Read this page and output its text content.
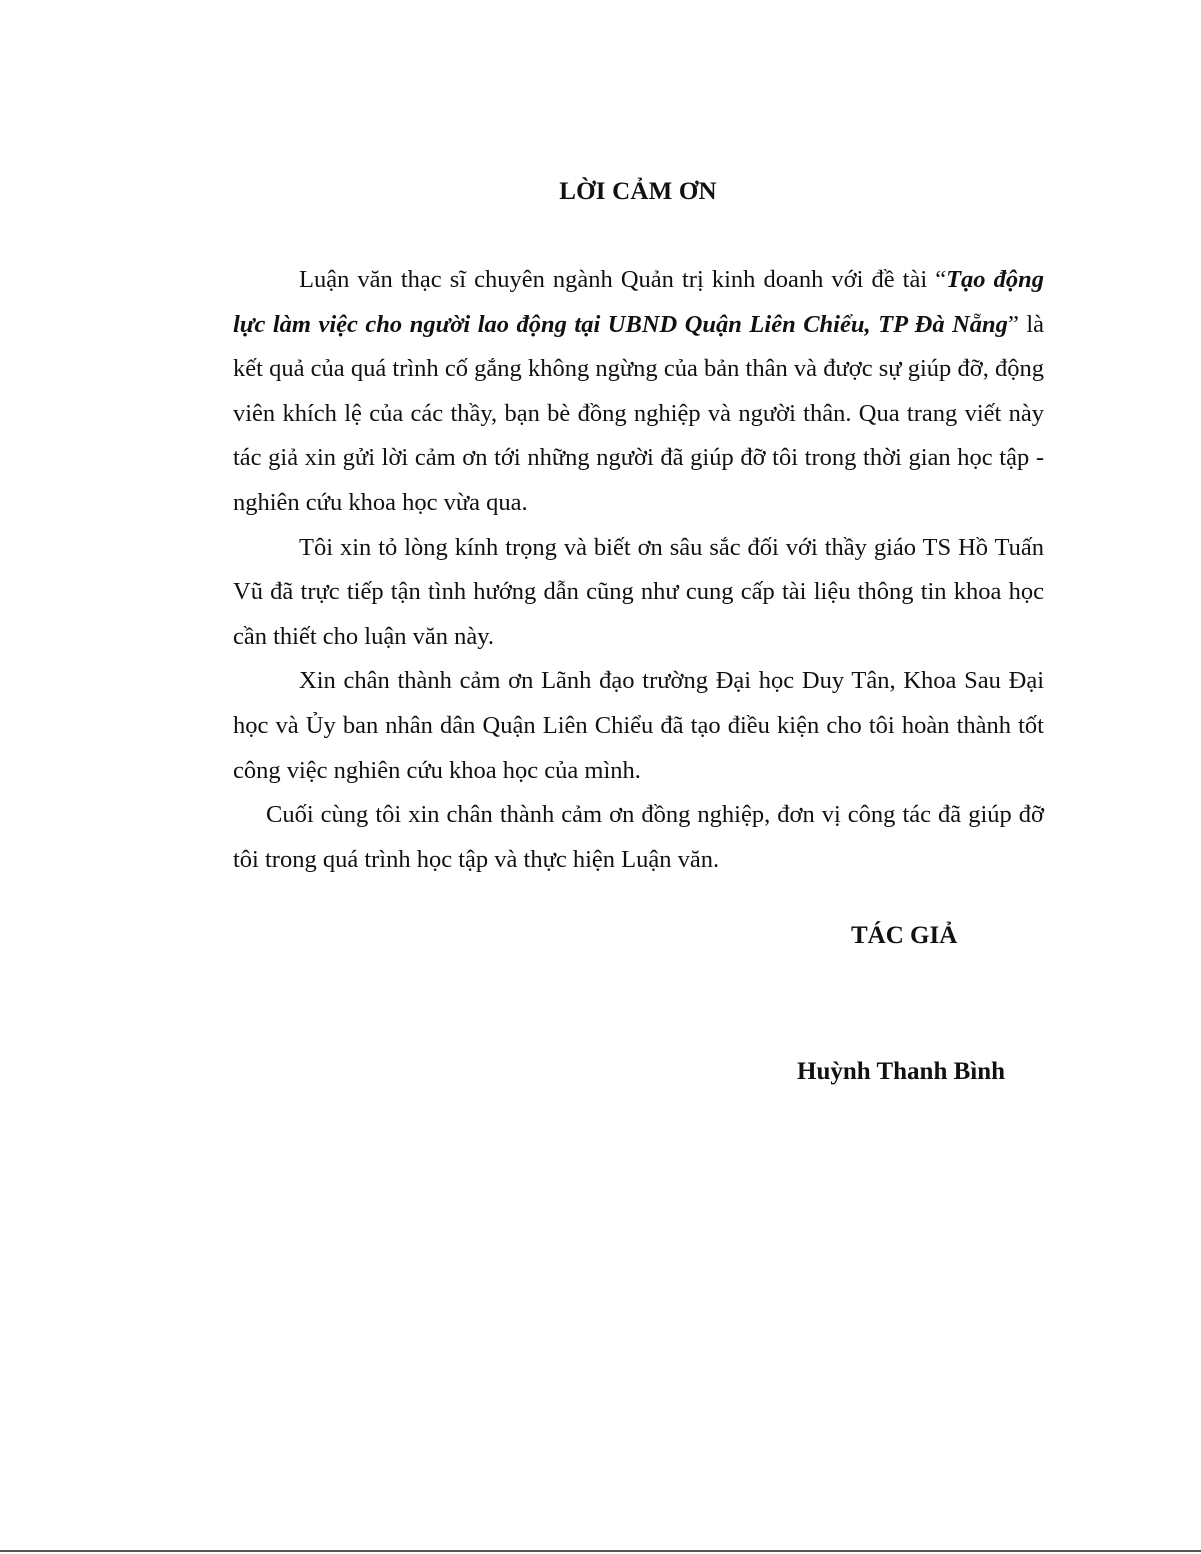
LỜI CẢM ƠN

Luận văn thạc sĩ chuyên ngành Quản trị kinh doanh với đề tài “Tạo động lực làm việc cho người lao động tại UBND Quận Liên Chiểu, TP Đà Nẵng” là kết quả của quá trình cố gắng không ngừng của bản thân và được sự giúp đỡ, động viên khích lệ của các thầy, bạn bè đồng nghiệp và người thân. Qua trang viết này tác giả xin gửi lời cảm ơn tới những người đã giúp đỡ tôi trong thời gian học tập - nghiên cứu khoa học vừa qua.

Tôi xin tỏ lòng kính trọng và biết ơn sâu sắc đối với thầy giáo TS Hồ Tuấn Vũ đã trực tiếp tận tình hướng dẫn cũng như cung cấp tài liệu thông tin khoa học cần thiết cho luận văn này.

Xin chân thành cảm ơn Lãnh đạo trường Đại học Duy Tân, Khoa Sau Đại học và Ủy ban nhân dân Quận Liên Chiểu đã tạo điều kiện cho tôi hoàn thành tốt công việc nghiên cứu khoa học của mình.

Cuối cùng tôi xin chân thành cảm ơn đồng nghiệp, đơn vị công tác đã giúp đỡ tôi trong quá trình học tập và thực hiện Luận văn.

TÁC GIẢ
Huỳnh Thanh Bình
